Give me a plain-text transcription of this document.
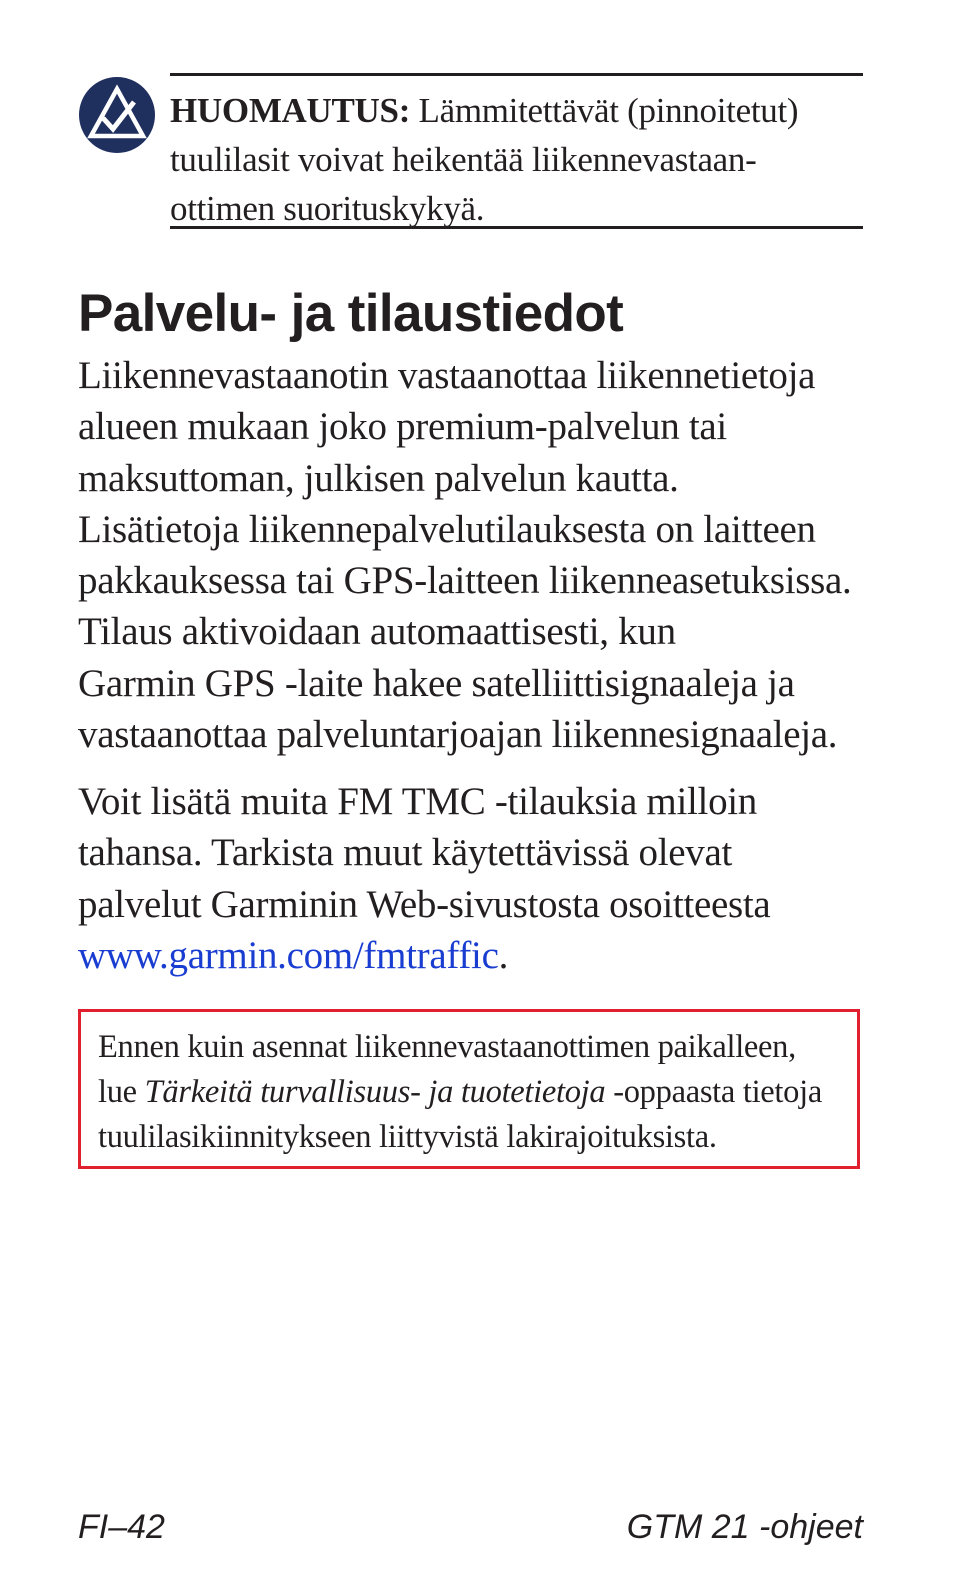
HUOMAUTUS: Lämmitettävät (pinnoitetut)
tuulilasit voivat heikentää liikennevastaan-
ottimen suorituskykyä.
Palvelu- ja tilaustiedot

Liikennevastaanotin vastaanottaa liikennetietoja
alueen mukaan joko premium-palvelun tai
maksuttoman, julkisen palvelun kautta.
Lisätietoja liikennepalvelutilauksesta on laitteen
pakkauksessa tai GPS-laitteen liikenneasetuksissa.
Tilaus aktivoidaan automaattisesti, kun
Garmin GPS -laite hakee satelliittisignaaleja ja
vastaanottaa palveluntarjoajan liikennesignaaleja.

Voit lisätä muita FM TMC -tilauksia milloin
tahansa. Tarkista muut käytettävissä olevat
palvelut Garminin Web-sivustosta osoitteesta
www.garmin.com/fmtraffic.

Ennen kuin asennat liikennevastaanottimen paikalleen,
lue Tärkeitä turvallisuus- ja tuotetietoja -oppaasta tietoja
tuulilasikiinnitykseen liittyvistä lakirajoituksista.
FI–42	GTM 21 -ohjeet
